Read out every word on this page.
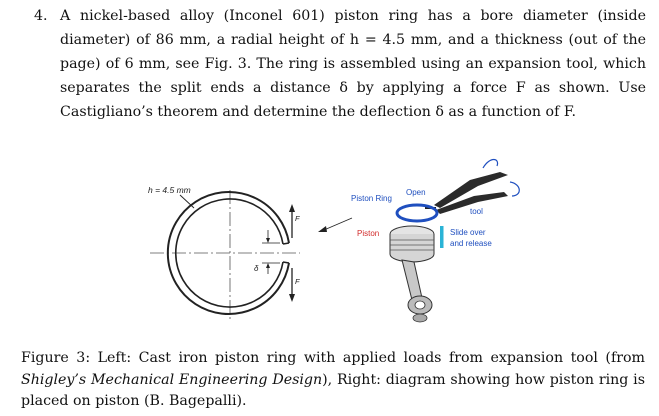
4. A nickel-based alloy (Inconel 601) piston ring has a bore diameter (inside diameter) of 86 mm, a radial height of h = 4.5 mm, and a thickness (out of the page) of 6 mm, see Fig. 3. The ring is assembled using an expansion tool, which separates the split ends a distance δ by applying a force F as shown. Use Castigliano’s theorem and determine the deflection δ as a function of F.
h = 4.5 mm
F
F
δ
Piston Ring
Open
tool
Piston	Slide over
and release
Figure 3: Left: Cast iron piston ring with applied loads from expansion tool (from Shigley’s Mechanical Engineering Design), Right: diagram showing how piston ring is placed on piston (B. Bagepalli).
